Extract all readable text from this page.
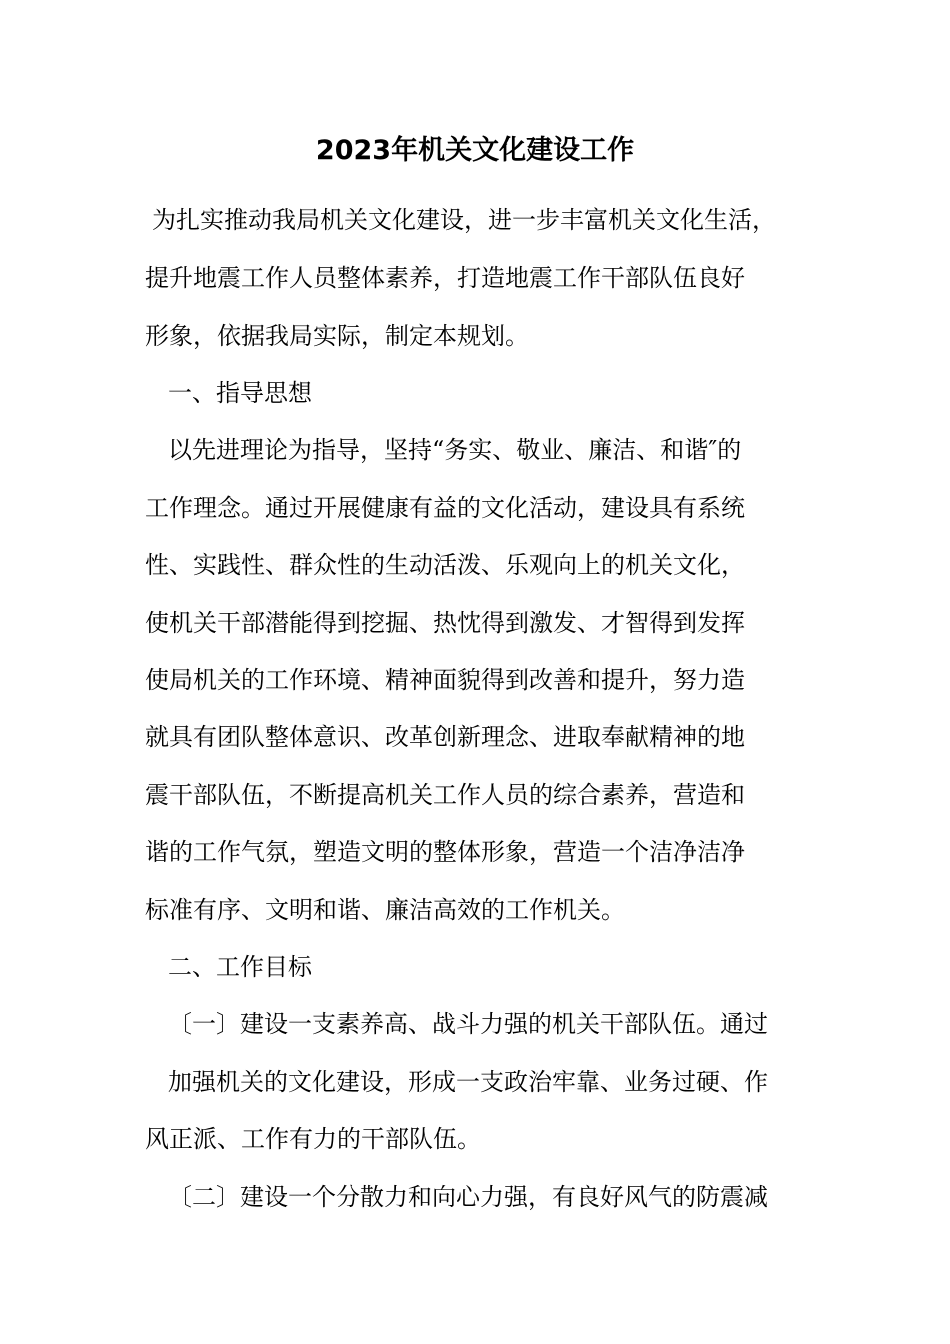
2023年机关文化建设工作
为扎实推动我局机关文化建设，进一步丰富机关文化生活，
提升地震工作人员整体素养，打造地震工作干部队伍良好
形象，依据我局实际，制定本规划。
一、指导思想
以先进理论为指导，坚持“务实、敬业、廉洁、和谐″的
工作理念。通过开展健康有益的文化活动，建设具有系统
性、实践性、群众性的生动活泼、乐观向上的机关文化，
使机关干部潜能得到挖掘、热忱得到激发、才智得到发挥
使局机关的工作环境、精神面貌得到改善和提升，努力造
就具有团队整体意识、改革创新理念、进取奉献精神的地
震干部队伍，不断提高机关工作人员的综合素养，营造和
谐的工作气氛，塑造文明的整体形象，营造一个洁净洁净
标准有序、文明和谐、廉洁高效的工作机关。
二、工作目标
〔一〕建设一支素养高、战斗力强的机关干部队伍。通过
加强机关的文化建设，形成一支政治牢靠、业务过硬、作
风正派、工作有力的干部队伍。
〔二〕建设一个分散力和向心力强，有良好风气的防震减
